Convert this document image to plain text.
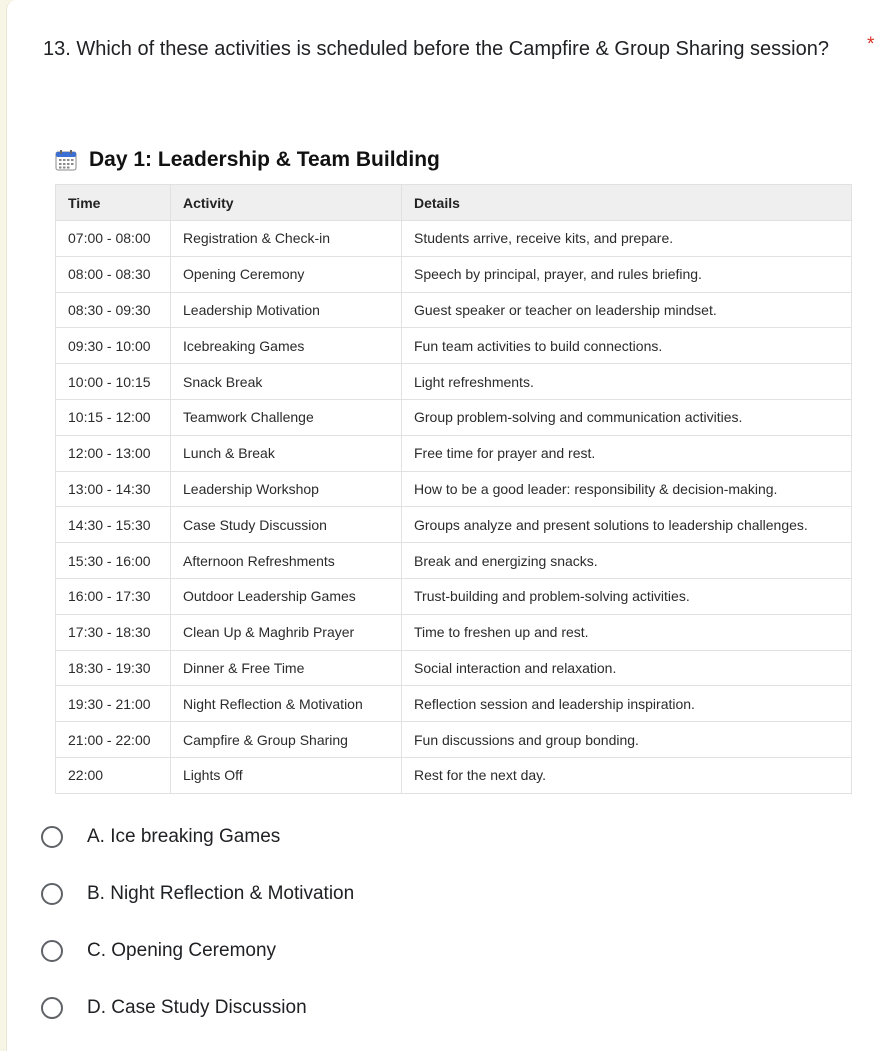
13. Which of these activities is scheduled before the Campfire & Group Sharing session?	*
Day 1: Leadership & Team Building
Time	Activity	Details
07:00 - 08:00	Registration & Check-in	Students arrive, receive kits, and prepare.
08:00 - 08:30	Opening Ceremony	Speech by principal, prayer, and rules briefing.
08:30 - 09:30	Leadership Motivation	Guest speaker or teacher on leadership mindset.
09:30 - 10:00	Icebreaking Games	Fun team activities to build connections.
10:00 - 10:15	Snack Break	Light refreshments.
10:15 - 12:00	Teamwork Challenge	Group problem-solving and communication activities.
12:00 - 13:00	Lunch & Break	Free time for prayer and rest.
13:00 - 14:30	Leadership Workshop	How to be a good leader: responsibility & decision-making.
14:30 - 15:30	Case Study Discussion	Groups analyze and present solutions to leadership challenges.
15:30 - 16:00	Afternoon Refreshments	Break and energizing snacks.
16:00 - 17:30	Outdoor Leadership Games	Trust-building and problem-solving activities.
17:30 - 18:30	Clean Up & Maghrib Prayer	Time to freshen up and rest.
18:30 - 19:30	Dinner & Free Time	Social interaction and relaxation.
19:30 - 21:00	Night Reflection & Motivation	Reflection session and leadership inspiration.
21:00 - 22:00	Campfire & Group Sharing	Fun discussions and group bonding.
22:00	Lights Off	Rest for the next day.
A. Ice breaking Games
B. Night Reflection & Motivation
C. Opening Ceremony
D. Case Study Discussion
